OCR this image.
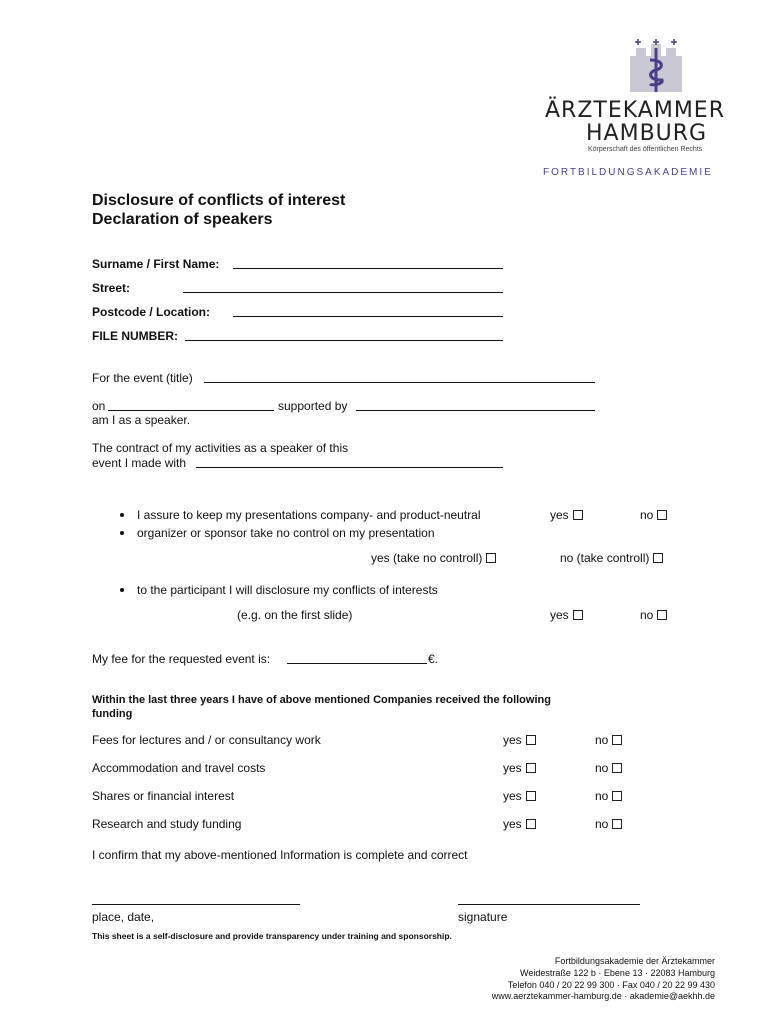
ÄRZTEKAMMER
HAMBURG
Körperschaft des öffentlichen Rechts
FORTBILDUNGSAKADEMIE
Disclosure of conflicts of interest
Declaration of speakers
Surname / First Name:
Street:
Postcode / Location:
FILE NUMBER:
For the event (title)
on	supported by
am I as a speaker.
The contract of my activities as a speaker of this
event I made with
I assure to keep my presentations company- and product-neutral	yes	no
organizer or sponsor take no control on my presentation
yes (take no controll)	no (take controll)
to the participant I will disclosure my conflicts of interests
(e.g. on the first slide)	yes	no
My fee for the requested event is:	€.
Within the last three years I have of above mentioned Companies received the following
funding
Fees for lectures and / or consultancy work	yes	no
Accommodation and travel costs	yes	no
Shares or financial interest	yes	no
Research and study funding	yes	no
I confirm that my above-mentioned Information is complete and correct
place, date,	signature
This sheet is a self-disclosure and provide transparency under training and sponsorship.
Fortbildungsakademie der Ärztekammer
Weidestraße 122 b · Ebene 13 · 22083 Hamburg
Telefon 040 / 20 22 99 300 · Fax 040 / 20 22 99 430
www.aerztekammer-hamburg.de · akademie@aekhh.de
